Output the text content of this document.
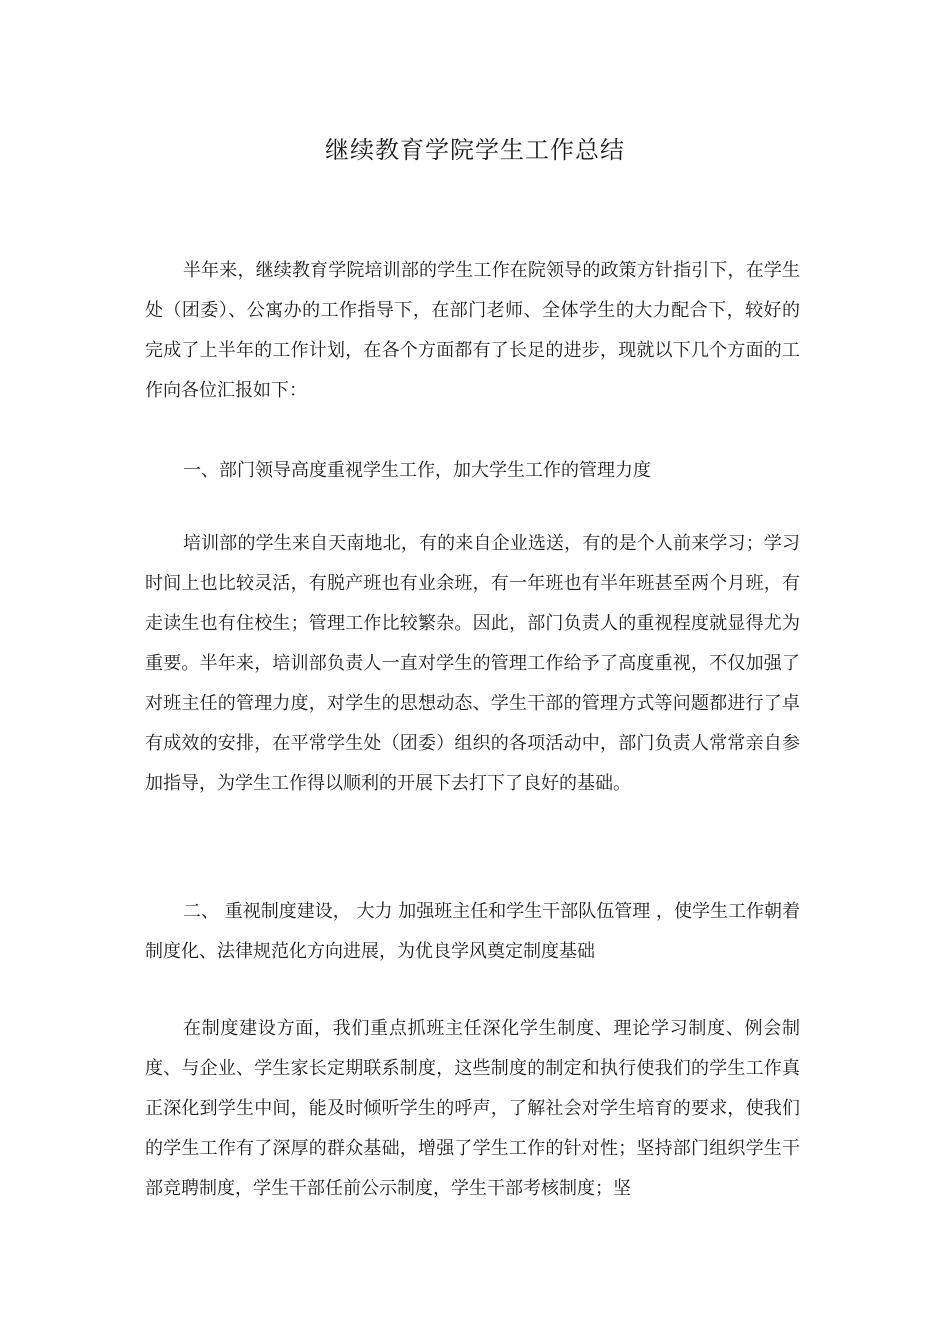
继续教育学院学生工作总结

半年来，继续教育学院培训部的学生工作在院领导的政策方针指引下，在学生处（团委）、公寓办的工作指导下，在部门老师、全体学生的大力配合下，较好的完成了上半年的工作计划，在各个方面都有了长足的进步，现就以下几个方面的工作向各位汇报如下：

一、部门领导高度重视学生工作，加大学生工作的管理力度

培训部的学生来自天南地北，有的来自企业选送，有的是个人前来学习；学习时间上也比较灵活，有脱产班也有业余班，有一年班也有半年班甚至两个月班，有走读生也有住校生；管理工作比较繁杂。因此，部门负责人的重视程度就显得尤为重要。半年来，培训部负责人一直对学生的管理工作给予了高度重视，不仅加强了对班主任的管理力度，对学生的思想动态、学生干部的管理方式等问题都进行了卓有成效的安排，在平常学生处（团委）组织的各项活动中，部门负责人常常亲自参加指导，为学生工作得以顺利的开展下去打下了良好的基础。

二、 重视制度建设， 大力 加强班主任和学生干部队伍管理 ，使学生工作朝着制度化、法律规范化方向进展，为优良学风奠定制度基础

在制度建设方面，我们重点抓班主任深化学生制度、理论学习制度、例会制度、与企业、学生家长定期联系制度，这些制度的制定和执行使我们的学生工作真正深化到学生中间，能及时倾听学生的呼声，了解社会对学生培育的要求，使我们的学生工作有了深厚的群众基础，增强了学生工作的针对性；坚持部门组织学生干部竞聘制度，学生干部任前公示制度，学生干部考核制度；坚
